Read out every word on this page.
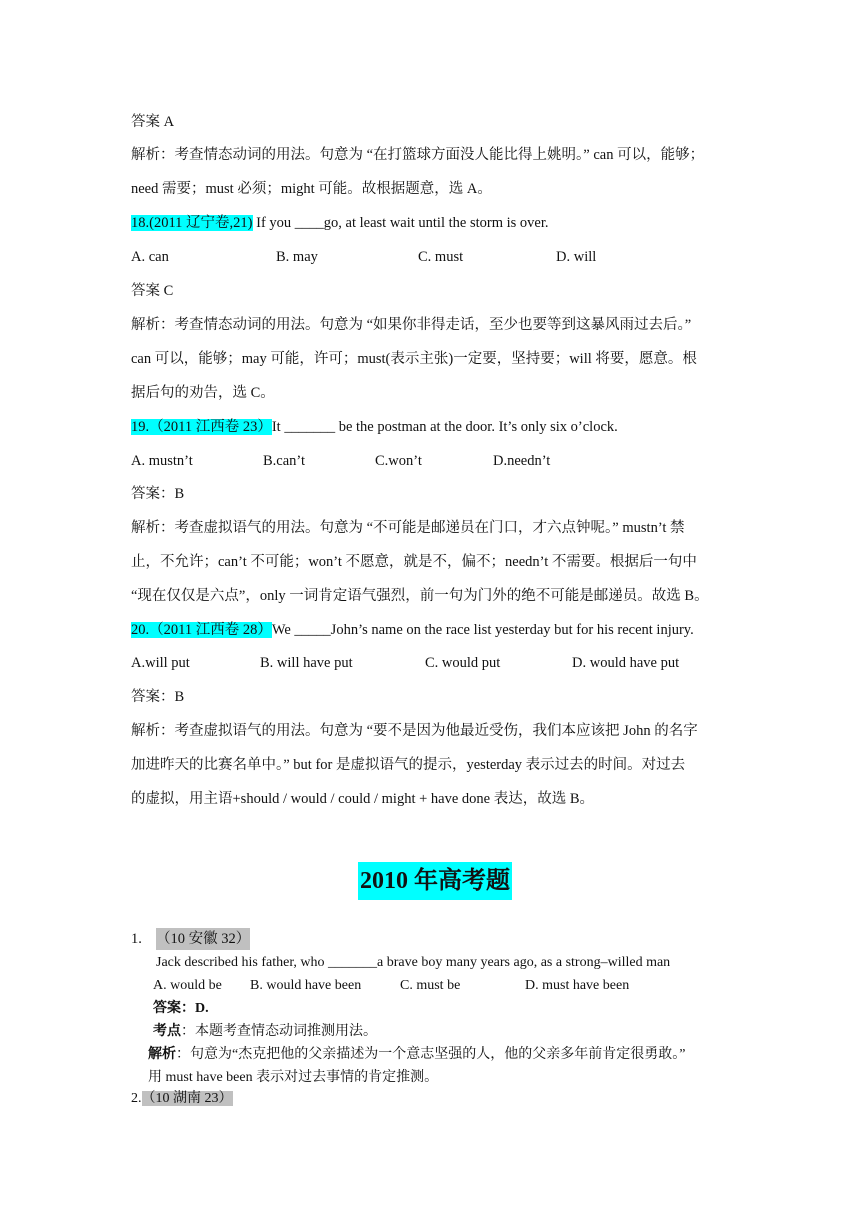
答案 A
解析：考查情态动词的用法。句意为 “在打篮球方面没人能比得上姚明。” can 可以，能够；
need 需要；must 必须；might 可能。故根据题意，选 A。
18.(2011 辽宁卷,21) If you ____go, at least wait until the storm is over.
A. can	B. may	C. must	D. will
答案 C
解析：考查情态动词的用法。句意为 “如果你非得走话，至少也要等到这暴风雨过去后。”
can 可以，能够；may 可能，许可；must(表示主张)一定要，坚持要；will 将要，愿意。根
据后句的劝告，选 C。
19.（2011 江西卷 23）It _______ be the postman at the door. It’s only six o’clock.
A. mustn’t	B.can’t	C.won’t	D.needn’t
答案：B
解析：考查虚拟语气的用法。句意为 “不可能是邮递员在门口，才六点钟呢。” mustn’t 禁
止，不允许；can’t 不可能；won’t 不愿意，就是不，偏不；needn’t 不需要。根据后一句中
“现在仅仅是六点”，only 一词肯定语气强烈，前一句为门外的绝不可能是邮递员。故选 B。
20.（2011 江西卷 28）We _____John’s name on the race list yesterday but for his recent injury.
A.will put	B. will have put	C. would put	D. would have put
答案：B
解析：考查虚拟语气的用法。句意为 “要不是因为他最近受伤，我们本应该把 John 的名字
加进昨天的比赛名单中。” but for 是虚拟语气的提示，yesterday 表示过去的时间。对过去
的虚拟，用主语+should / would / could / might + have done 表达，故选 B。
2010 年高考题
1. （10 安徽 32）
Jack described his father, who _______a brave boy many years ago, as a strong–willed man
A. would be B. would have been	C. must be	D. must have been
答案：D.
考点：本题考查情态动词推测用法。
解析：句意为“杰克把他的父亲描述为一个意志坚强的人，他的父亲多年前肯定很勇敢。”
用 must have been 表示对过去事情的肯定推测。
2.（10 湖南 23）
